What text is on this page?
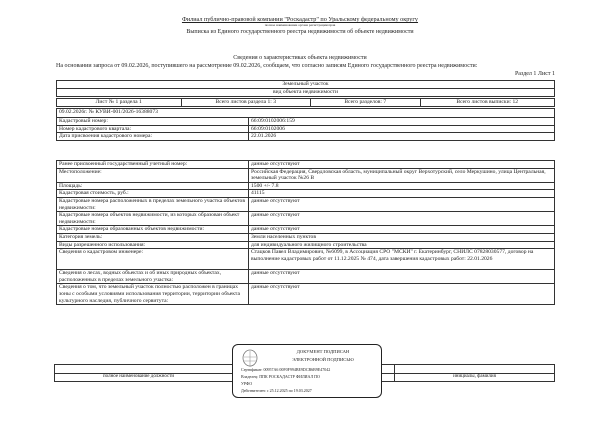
Филиал публично-правовой компании "Роскадастр" по Уральскому федеральному округу
полное наименование органа регистрации прав
Выписка из Единого государственного реестра недвижимости об объекте недвижимости
Сведения о характеристиках объекта недвижимости
На основании запроса от 09.02.2026, поступившего на рассмотрение 09.02.2026, сообщаем, что согласно записям Единого государственного реестра недвижимости:
Раздел 1 Лист 1
Земельный участок
вид объекта недвижимости
Лист № 1 раздела 1	Всего листов раздела 1: 3	Всего разделов: 7	Всего листов выписки: 12
09.02.2026г. № КУВИ-001/2026-16388073	
Кадастровый номер:	66:09:0102006:159
Номер кадастрового квартала:	66:09:0102006
Дата присвоения кадастрового номера:	22.01.2026
Ранее присвоенный государственный учетный номер:	данные отсутствуют
Местоположение:	Российская Федерация, Свердловская область, муниципальный округ Верхотурский, село Меркушино, улица Центральная, земельный участок №26 В
Площадь:	1500 +/- 7.8
Кадастровая стоимость, руб.:	41115
Кадастровые номера расположенных в пределах земельного участка объектов недвижимости:	данные отсутствуют
Кадастровые номера объектов недвижимости, из которых образован объект недвижимости:	данные отсутствуют
Кадастровые номера образованных объектов недвижимости:	данные отсутствуют
Категория земель:	Земли населенных пунктов
Виды разрешенного использования:	для индивидуального жилищного строительства
Сведения о кадастровом инженере:	Стацков Павел Владимирович, №6099, в Ассоциация СРО "МСКИ" г. Екатеринбург, СНИЛС 07828030577, договор на выполнение кадастровых работ от 11.12.2025 № 474, дата завершения кадастровых работ: 22.01.2026
Сведения о лесах, водных объектах и об иных природных объектах, расположенных в пределах земельного участка:	данные отсутствуют
Сведения о том, что земельный участок полностью расположен в границах зоны с особыми условиями использования территории, территории объекта культурного наследия, публичного сервитута:	данные отсутствуют

полное наименование должности	инициалы, фамилия
ДОКУМЕНТ ПОДПИСАН
ЭЛЕКТРОННОЙ ПОДПИСЬЮ
Сертификат: 00957A6 00F0F994BE9DCB6B9E47042
Владелец: ППК РОСКАДАСТР ФИЛИАЛ ПО
УРФО
Действителен: с 25.12.2025 по 19.03.2027
